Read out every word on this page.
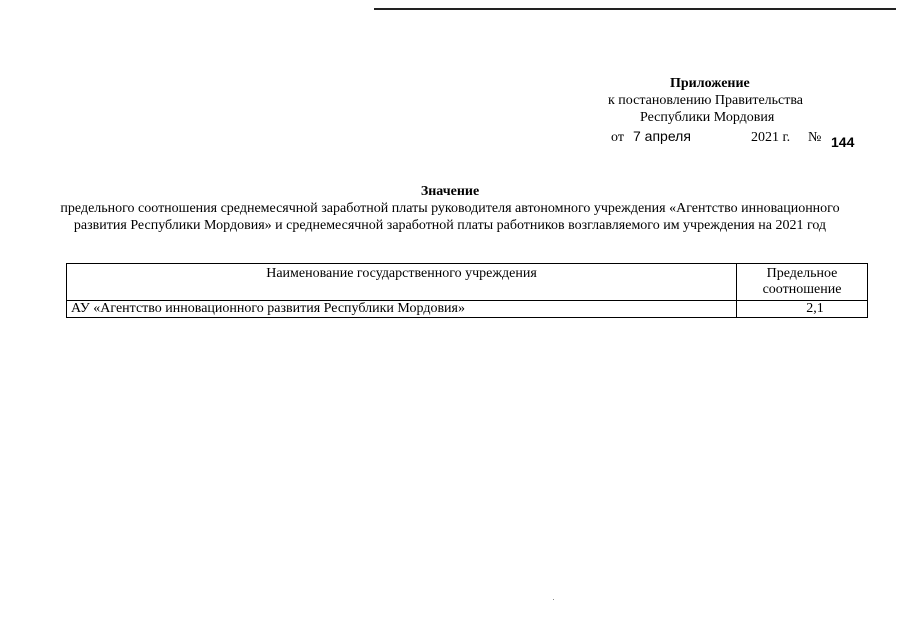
Приложение
к постановлению Правительства
Республики Мордовия
от 7 апреля	2021 г. № 144
Значение
предельного соотношения среднемесячной заработной платы руководителя автономного учреждения «Агентство инновационного развития Республики Мордовия» и среднемесячной заработной платы работников возглавляемого им учреждения на 2021 год
Наименование государственного учреждения	Предельное соотношение
АУ «Агентство инновационного развития Республики Мордовия»	2,1
